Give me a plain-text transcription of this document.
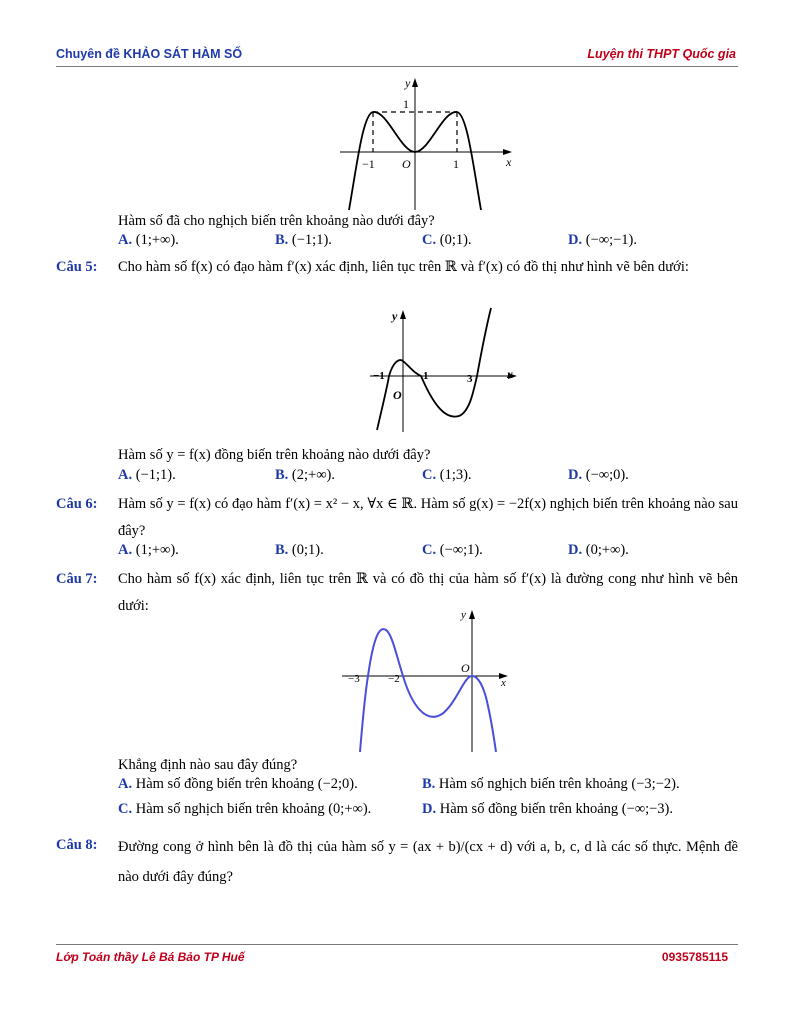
Chuyên đề KHẢO SÁT HÀM SỐ	Luyện thi THPT Quốc gia
y
x
1
O
−1	1
Hàm số đã cho nghịch biến trên khoảng nào dưới đây?
A. (1;+∞).	B. (−1;1).	C. (0;1).	D. (−∞;−1).
Câu 5: Cho hàm số f(x) có đạo hàm f′(x) xác định, liên tục trên ℝ và f′(x) có đồ thị như hình vẽ bên dưới:
y
x
−1	1	3
O
Hàm số y = f(x) đồng biến trên khoảng nào dưới đây?
A. (−1;1).	B. (2;+∞).	C. (1;3).	D. (−∞;0).
Câu 6: Hàm số y = f(x) có đạo hàm f′(x) = x² − x, ∀x ∈ ℝ. Hàm số g(x) = −2f(x) nghịch biến trên khoảng nào sau đây?
A. (1;+∞).	B. (0;1).	C. (−∞;1).	D. (0;+∞).
Câu 7: Cho hàm số f(x) xác định, liên tục trên ℝ và có đồ thị của hàm số f′(x) là đường cong như hình vẽ bên dưới:
y
x
−3	−2
O
Khẳng định nào sau đây đúng?
A. Hàm số đồng biến trên khoảng (−2;0).	B. Hàm số nghịch biến trên khoảng (−3;−2).
C. Hàm số nghịch biến trên khoảng (0;+∞).	D. Hàm số đồng biến trên khoảng (−∞;−3).
Câu 8: Đường cong ở hình bên là đồ thị của hàm số y = (ax + b)/(cx + d) với a, b, c, d là các số thực. Mệnh đề nào dưới đây đúng?
Lớp Toán thầy Lê Bá Bảo TP Huế	0935785115
